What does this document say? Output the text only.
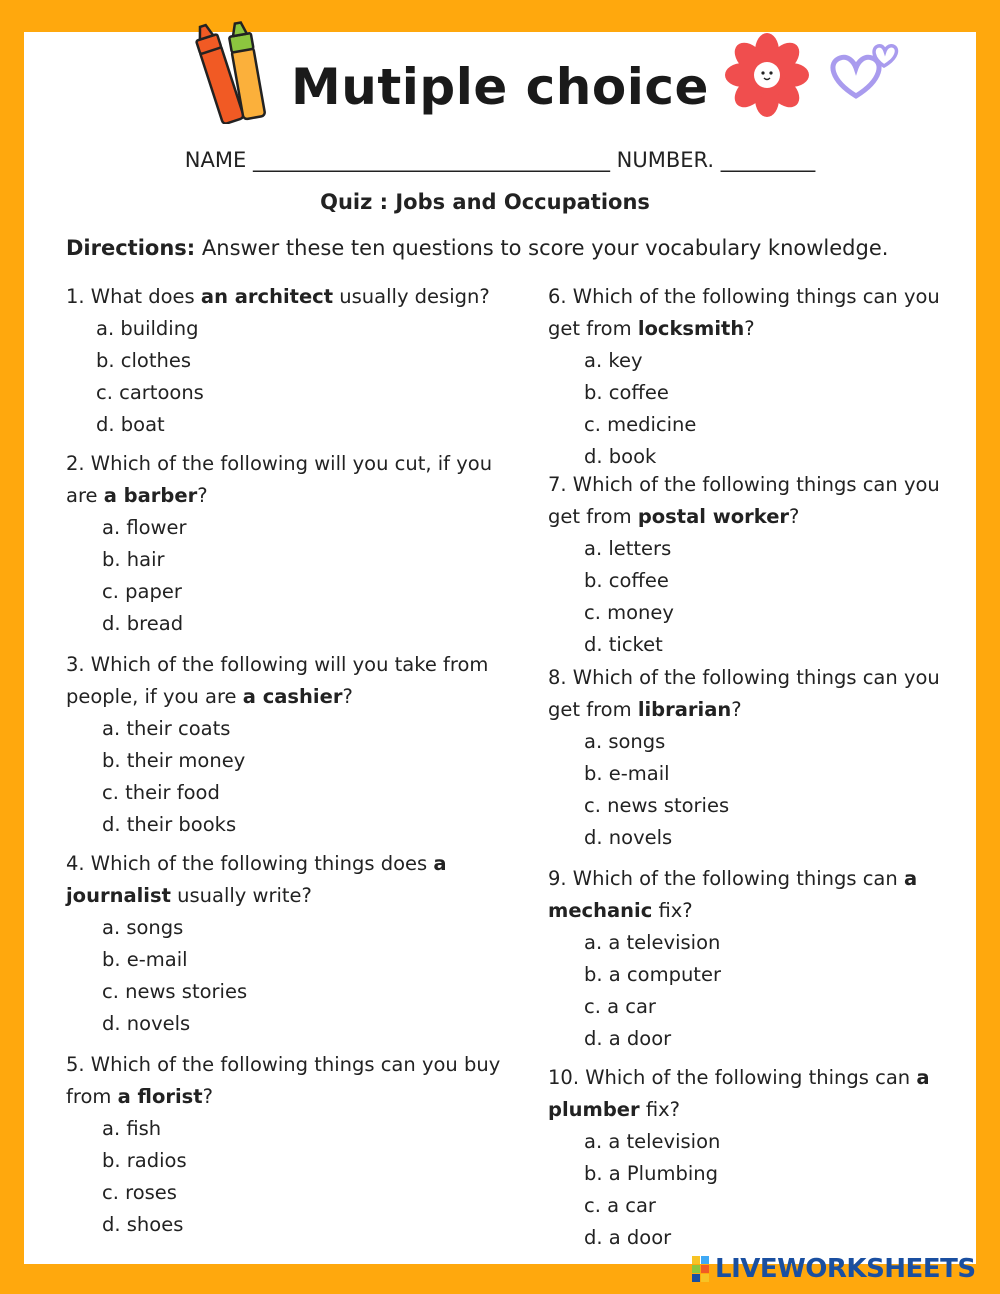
Mutiple choice
NAME __________________________________ NUMBER. _________
Quiz : Jobs and Occupations
Directions: Answer these ten questions to score your vocabulary knowledge.
1. What does an architect usually design?
a. building
b. clothes
c. cartoons
d. boat
2. Which of the following will you cut, if you are a barber?
a. flower
b. hair
c. paper
d. bread
3. Which of the following will you take from people, if you are a cashier?
a. their coats
b. their money
c. their food
d. their books
4. Which of the following things does a journalist usually write?
a. songs
b. e-mail
c. news stories
d. novels
5. Which of the following things can you buy from a florist?
a. fish
b. radios
c. roses
d. shoes
6. Which of the following things can you get from locksmith?
a. key
b. coffee
c. medicine
d. book
7. Which of the following things can you get from postal worker?
a. letters
b. coffee
c. money
d. ticket
8. Which of the following things can you get from librarian?
a. songs
b. e-mail
c. news stories
d. novels
9. Which of the following things can a mechanic fix?
a. a television
b. a computer
c. a car
d. a door
10. Which of the following things can a plumber fix?
a. a television
b. a Plumbing
c. a car
d. a door
LIVEWORKSHEETS
